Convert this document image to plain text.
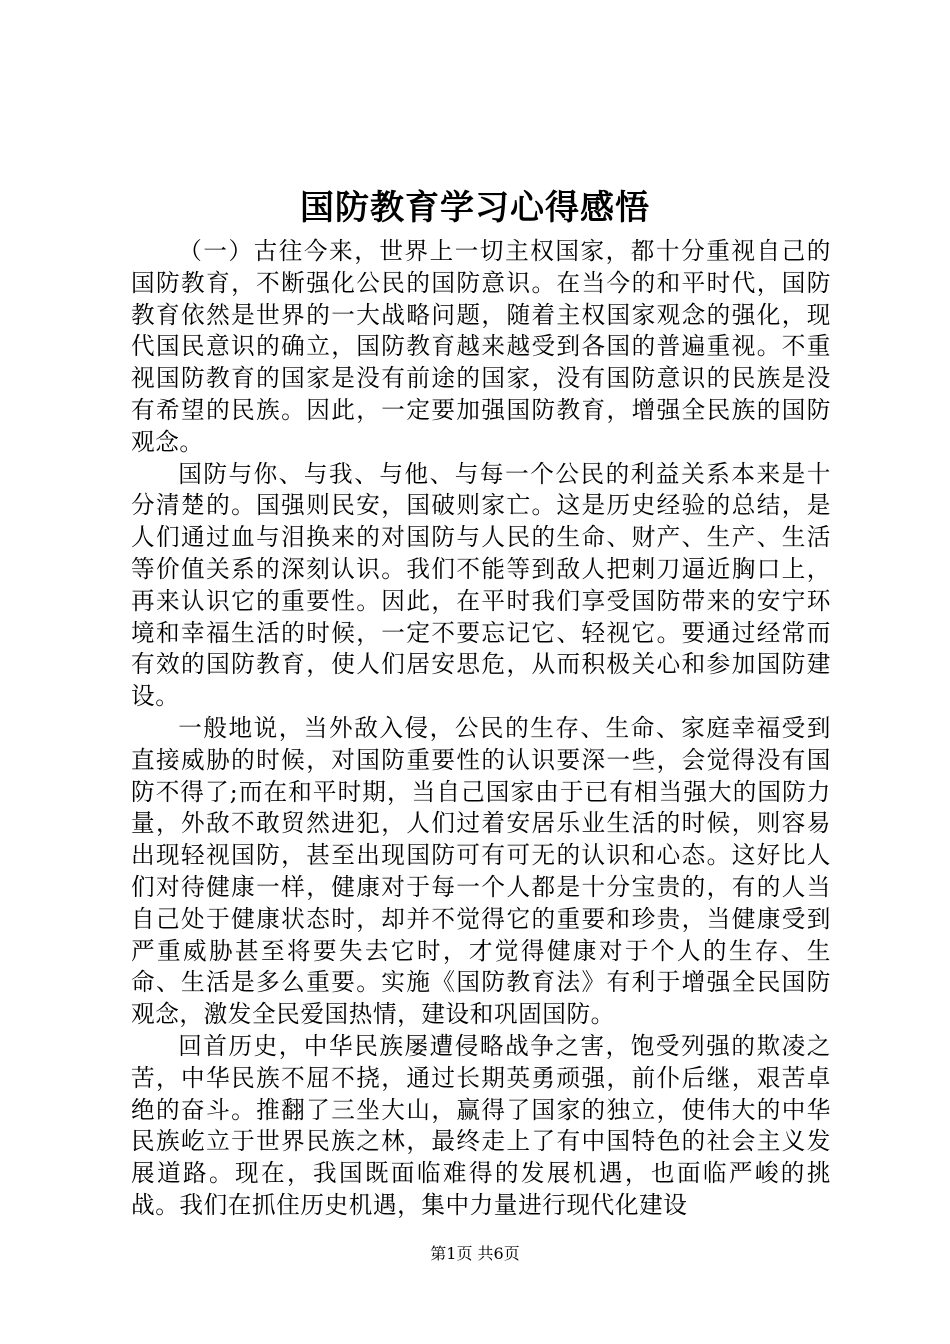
国防教育学习心得感悟

（一）古往今来，世界上一切主权国家，都十分重视自己的国防教育，不断强化公民的国防意识。在当今的和平时代，国防教育依然是世界的一大战略问题，随着主权国家观念的强化，现代国民意识的确立，国防教育越来越受到各国的普遍重视。不重视国防教育的国家是没有前途的国家，没有国防意识的民族是没有希望的民族。因此，一定要加强国防教育，增强全民族的国防观念。

国防与你、与我、与他、与每一个公民的利益关系本来是十分清楚的。国强则民安，国破则家亡。这是历史经验的总结，是人们通过血与泪换来的对国防与人民的生命、财产、生产、生活等价值关系的深刻认识。我们不能等到敌人把刺刀逼近胸口上，再来认识它的重要性。因此，在平时我们享受国防带来的安宁环境和幸福生活的时候，一定不要忘记它、轻视它。要通过经常而有效的国防教育，使人们居安思危，从而积极关心和参加国防建设。

一般地说，当外敌入侵，公民的生存、生命、家庭幸福受到直接威胁的时候，对国防重要性的认识要深一些，会觉得没有国防不得了;而在和平时期，当自己国家由于已有相当强大的国防力量，外敌不敢贸然进犯，人们过着安居乐业生活的时候，则容易出现轻视国防，甚至出现国防可有可无的认识和心态。这好比人们对待健康一样，健康对于每一个人都是十分宝贵的，有的人当自己处于健康状态时，却并不觉得它的重要和珍贵，当健康受到严重威胁甚至将要失去它时，才觉得健康对于个人的生存、生命、生活是多么重要。实施《国防教育法》有利于增强全民国防观念，激发全民爱国热情，建设和巩固国防。

回首历史，中华民族屡遭侵略战争之害，饱受列强的欺凌之苦，中华民族不屈不挠，通过长期英勇顽强，前仆后继，艰苦卓绝的奋斗。推翻了三坐大山，赢得了国家的独立，使伟大的中华民族屹立于世界民族之林，最终走上了有中国特色的社会主义发展道路。现在，我国既面临难得的发展机遇，也面临严峻的挑战。我们在抓住历史机遇，集中力量进行现代化建设

第1页 共6页
